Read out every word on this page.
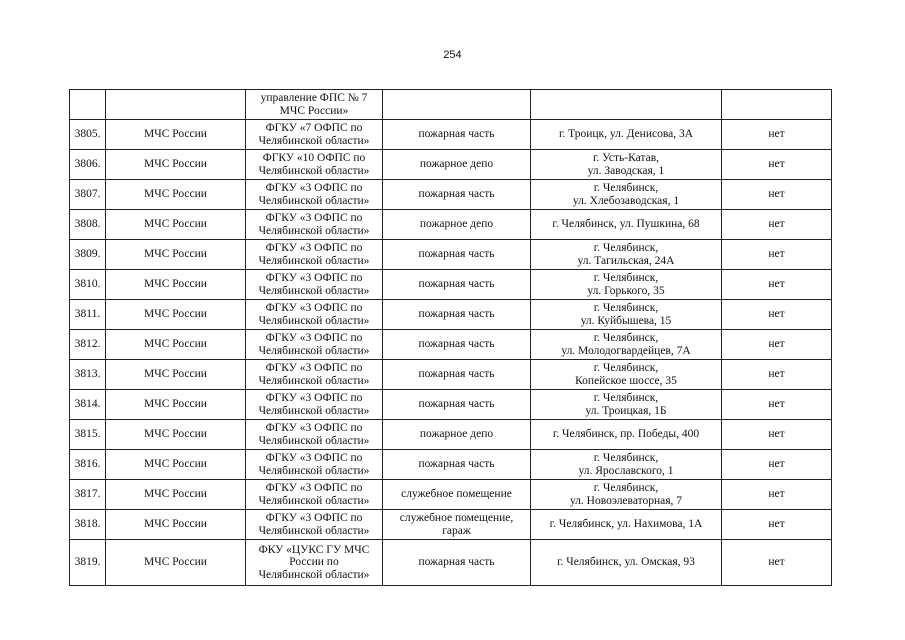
254

		управление ФПС № 7
МЧС России»			

3805.	МЧС России	ФГКУ «7 ОФПС по
Челябинской области»	пожарная часть	г. Троицк, ул. Денисова, 3А	нет
3806.	МЧС России	ФГКУ «10 ОФПС по
Челябинской области»	пожарное депо	г. Усть-Катав,
ул. Заводская, 1	нет
3807.	МЧС России	ФГКУ «3 ОФПС по
Челябинской области»	пожарная часть	г. Челябинск,
ул. Хлебозаводская, 1	нет
3808.	МЧС России	ФГКУ «3 ОФПС по
Челябинской области»	пожарное депо	г. Челябинск, ул. Пушкина, 68	нет
3809.	МЧС России	ФГКУ «3 ОФПС по
Челябинской области»	пожарная часть	г. Челябинск,
ул. Тагильская, 24А	нет
3810.	МЧС России	ФГКУ «3 ОФПС по
Челябинской области»	пожарная часть	г. Челябинск,
ул. Горького, 35	нет
3811.	МЧС России	ФГКУ «3 ОФПС по
Челябинской области»	пожарная часть	г. Челябинск,
ул. Куйбышева, 15	нет
3812.	МЧС России	ФГКУ «3 ОФПС по
Челябинской области»	пожарная часть	г. Челябинск,
ул. Молодогвардейцев, 7А	нет
3813.	МЧС России	ФГКУ «3 ОФПС по
Челябинской области»	пожарная часть	г. Челябинск,
Копейское шоссе, 35	нет
3814.	МЧС России	ФГКУ «3 ОФПС по
Челябинской области»	пожарная часть	г. Челябинск,
ул. Троицкая, 1Б	нет
3815.	МЧС России	ФГКУ «3 ОФПС по
Челябинской области»	пожарное депо	г. Челябинск, пр. Победы, 400	нет
3816.	МЧС России	ФГКУ «3 ОФПС по
Челябинской области»	пожарная часть	г. Челябинск,
ул. Ярославского, 1	нет
3817.	МЧС России	ФГКУ «3 ОФПС по
Челябинской области»	служебное помещение	г. Челябинск,
ул. Новоэлеваторная, 7	нет
3818.	МЧС России	ФГКУ «3 ОФПС по
Челябинской области»	служебное помещение, гараж	г. Челябинск, ул. Нахимова, 1А	нет
3819.	МЧС России	ФКУ «ЦУКС ГУ МЧС
России по
Челябинской области»	пожарная часть	г. Челябинск, ул. Омская, 93	нет
